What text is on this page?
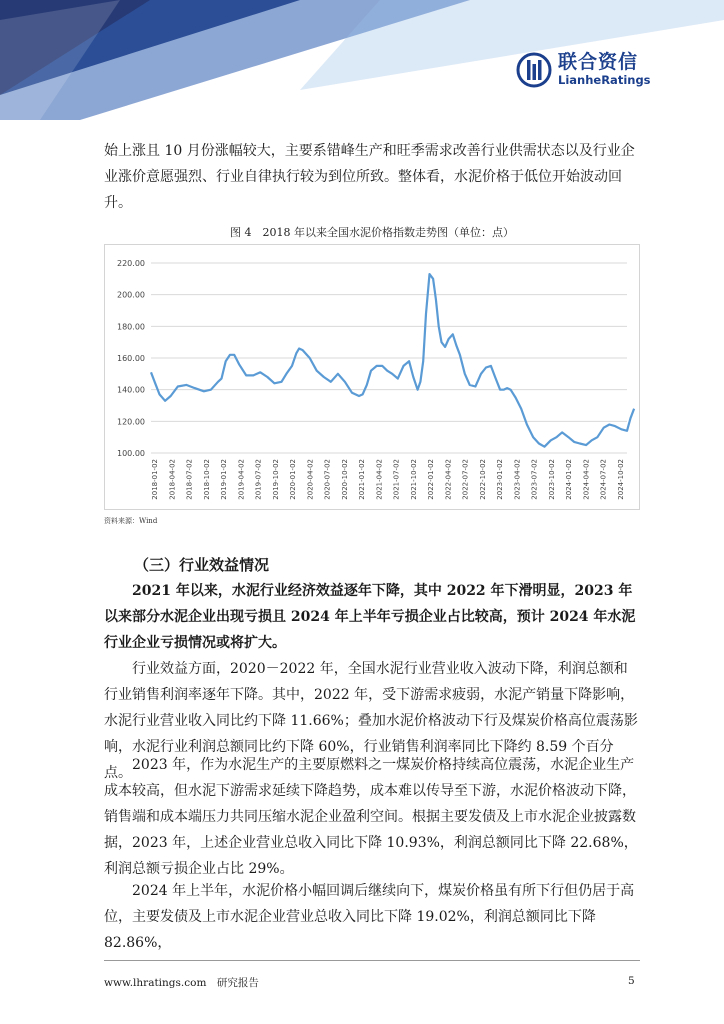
联合资信
LianheRatings
始上涨且 10 月份涨幅较大，主要系错峰生产和旺季需求改善行业供需状态以及行业企业涨价意愿强烈、行业自律执行较为到位所致。整体看，水泥价格于低位开始波动回升。
图 4　2018 年以来全国水泥价格指数走势图（单位：点）
100.00
120.00
140.00
160.00
180.00
200.00
220.00
2018-01-02 2018-04-02 2018-07-02 2018-10-02 2019-01-02 2019-04-02 2019-07-02 2019-10-02 2020-01-02 2020-04-02 2020-07-02 2020-10-02 2021-01-02 2021-04-02 2021-07-02 2021-10-02 2022-01-02 2022-04-02 2022-07-02 2022-10-02 2023-01-02 2023-04-02 2023-07-02 2023-10-02 2024-01-02 2024-04-02 2024-07-02 2024-10-02
资料来源：Wind
（三）行业效益情况
2021 年以来，水泥行业经济效益逐年下降，其中 2022 年下滑明显，2023 年以来部分水泥企业出现亏损且 2024 年上半年亏损企业占比较高，预计 2024 年水泥行业企业亏损情况或将扩大。
行业效益方面，2020－2022 年，全国水泥行业营业收入波动下降，利润总额和行业销售利润率逐年下降。其中，2022 年，受下游需求疲弱，水泥产销量下降影响，水泥行业营业收入同比约下降 11.66%；叠加水泥价格波动下行及煤炭价格高位震荡影响，水泥行业利润总额同比约下降 60%，行业销售利润率同比下降约 8.59 个百分点。 2023 年，作为水泥生产的主要原燃料之一煤炭价格持续高位震荡，水泥企业生产成本较高，但水泥下游需求延续下降趋势，成本难以传导至下游，水泥价格波动下降，销售端和成本端压力共同压缩水泥企业盈利空间。根据主要发债及上市水泥企业披露数据，2023 年，上述企业营业总收入同比下降 10.93%，利润总额同比下降 22.68%，利润总额亏损企业占比 29%。
2024 年上半年，水泥价格小幅回调后继续向下，煤炭价格虽有所下行但仍居于高位，主要发债及上市水泥企业营业总收入同比下降 19.02%，利润总额同比下降 82.86%，
www.lhratings.com　研究报告	5
